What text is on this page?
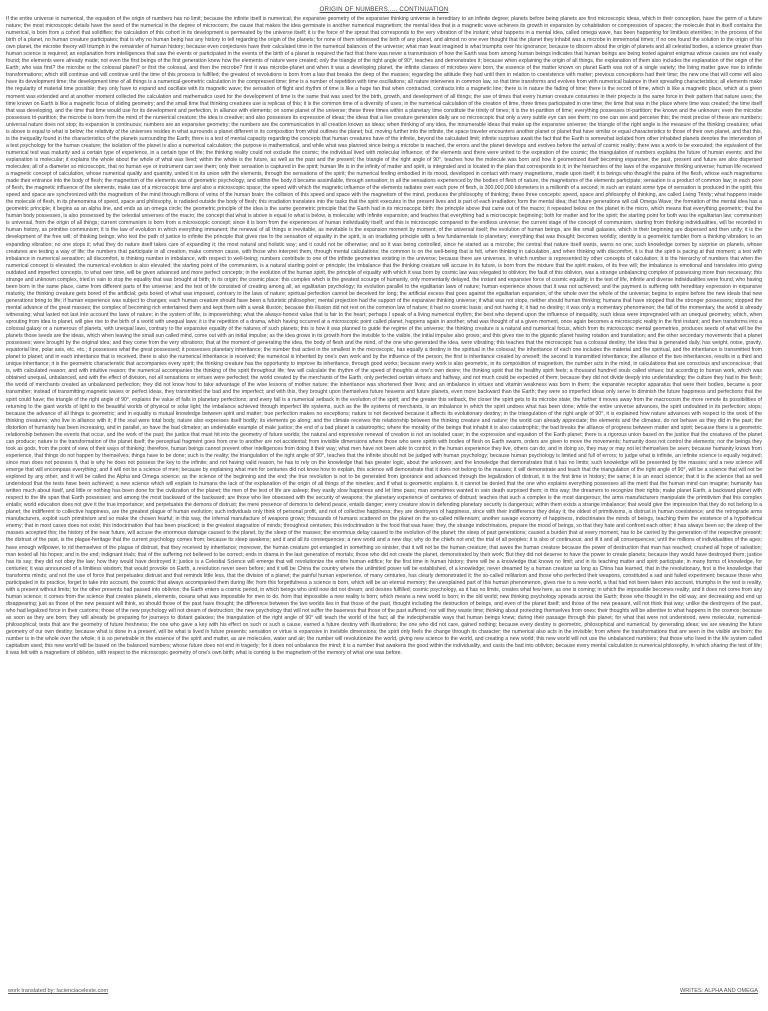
ORIGIN OF NUMBERS..... CONTINUATION
If the entire universe is numerical, the equation of the origin of numbers has no limit; because the infinite itself is numerical; the expansive geometry of the expansive thinking universe is hereditary to an infinite degree; planets before being planets are first microscopic ideas, which in their conception, have the germ of a future nature; the most microscopic details have the seed of the numerical in the degree of microcosm; the cause that makes the idea germinate is another numerical magnetism; the mental idea that is a magnetic wave achieves its growth in expansion by cohabitation or compression of spaces; the molecule that in itself contains the numerical, is born from a cohort that solidifies; the calculation of this cohort in its development is permeated by the universe itself; it is the force of the sprout that corresponds to the very vibration of the instant; what happens in a mental idea, called omega wave, has been happening for limitless eternities; in the process of the birth of a planet, no human creature participates; that is why no human being has any history to tell regarding the origin of the planets; for none of them witnessed the birth of any planet, and almost no one ever thought that the planet they inhabit was a microbe in immemorial times; if no one found the solution to the origin of his own planet, the microbe theory will triumph in the remainder of human history; because even conjectures have their calculated time in the numerical balances of the universe; what man least imagined is what triumphs over his ignorance; because to discern about the origin of planets and all celestial bodies, a science greater than human science is required; an explanation from intelligences that saw the events or participated in the events of the birth of a planet is required the fact that there was never a transmission of how the Earth was born among human beings indicates that human beings are being tested against enigmas whose causes are not easily found; the elements were already made; not even the first beings of the first generation knew how the elements of nature were created; only the triangle of the right angle of 90°, teaches and demonstrates it; because when explaining the origin of all things, the explanation of them also includes the explanation of the origin of the Earth; who was first? the microbe or the colossal planet? or first the colossal, and then the microbe? first it was microbe-planet and when it was a developing planet, the infinite classes of microbes were born, the essence of the matter known on planet Earth was not of a single variety; the living matter gave rise to infinite transformations; which still continue and will continue until the time of this process is fulfilled; the greatest of revolutions is born from a law that breaks the deep of the masses; regarding the attitude they had until then in relation to coexistence with matter; previous conceptions had their time; the new one that will come will also have its development time; the development time of all things is a numerical-geometric calculation in the compressed time; time is a number of repetition with time oscillations; all nature intervenes in common law, so that time transforms and evolves from with numerical balance in their spreading characteristics; all elements make the regularity of material time possible; they only have to expand and oscillate with its magnetic wave; the sensation of flight and rhythm of time is like a huge fan that when contracted, contracts into a magnetic line; there is in nature the fading of time; there is the record of time, which is like a magnetic place, which at a given moment was extended and at another moment collected the calculation and mathematics used for the development of time is the same that was used for the birth, growth, and development of all things; the use of times that every human creature consumes in their projects is the same force in their pattern that nature uses; the time known on Earth is like a magnetic focus of sliding geometry; and the small time that thinking creatures use is replicas of this; it is the common time of a diversity of uses; in the numerical calculation of the creation of time, three times participated in one time; the time that was in the place where time was created; the time itself that was developing, and the time that time would use for its development and perfection, in alliance with elements; on some planet of the universe; these three times within a planetary time constitute the trinity of times; it is the tri-partition of time; everything possesses tri-partition; the known and the unknown; even the microbe possesses tri-partition; the microbe is born from the mind of the numerical creature; the idea is creative; and also possesses its expression of ideas; the ideas that a live creature generates daily are so microscopic that only a very subtle eye can see them; no one can see and perceive this; the most precise of these are numbers; universal nature does not stop; its expansion is continuous; numbers are an expansive geometry; the numbers are the communication in all creation known as ideas; when thinking of any idea, the innumerable ideas that make up the expansive universe; the triangle of the right angle is the measure of the thinking creatures; what is above is equal to what is below; the relativity of the universes resides in what surrounds a planet different in its composition from what outlines the planet; but, moving further into the infinite, the space traveler encounters another planet or planet that have similar or equal characteristics to those of their own planet, and that this, is the inequality found in the characteristics of the planets surrounding the Earth; there is a test of mental capacity regarding the concepts that human creatures have of the infinite, beyond the calculated limit; infinite surprises await the fact that the Earth is somewhat isolated from other inhabited planets denotes the intervention of a test psychology for the human creature; the isolation of the planet is also a numerical calculation; the purpose is mathematical, and while what was planned since being a microbe is reached, the errors and the planet develops and evolves before the arrival of cosmic reality; there was a work to be executed; the equivalent of the numerical test was maturity and a certain type of experience, in a certain type of life; the thinking reality could not exclude the cosmic; the individual lived with molecular influence; of the elements and there were united to the expiration of the cosmic; the triangulation of numbers explains the future of human events; and the explanation is molecular; it explains the whole about the whole of what was lived; within the whole is the future, as well as the past and the present; the triangle of the right angle of 90°, teaches how the molecule was born and how it geometrized itself becoming expansive; the past, present and future are also dispersed molecules; all of a diameter so microscopic, that no human eye or instrument can see them; only their sensation is captured in the spirit; human life is in the infinity of matter and spirit, is integrated and is located in the plan that corresponds to it; in the hierarchies of the laws of the expansive thinking universe; human life received a magnetic concept of calculation, whose numerical quality and quantity, united it in its union with the elements, through the sensations of the spirit; the numerical feeling embodied in its mood, developed in contact with many magnetisms, made upon itself; it is beings who thought the pains of the flesh, whose each magnetisms made their entrance into the body of flesh; the magnetism of the elements was of geometric psychology; and within the body it became assimilable, through sensation; in all the sensations experienced by the bodies of flesh of nature, the magnetisms of the elements participate; sensation is a product of common law; in each pore of flesh, the magnetic influence of the elements, make use of a microscopic time and also a microscopic space; the speed with which the magnetic influence of the elements radiates over each pore of flesh, is 300,000,000 kilometers in a millionth of a second; in such an instant some type of sensation is produced in the spirit; this speed and space are synchronized with the magnetism of the mind through millions of veins of the human brain; the collision of this speed and space with the magnetism of the mind, produces the philosophy of thinking; these three concepts: speed, space and philosophy of thinking, are called Living Trinity; what happens inside the molecule of flesh, in its phenomena of speed, space and philosophy, is radiated outside the body of flesh; this irradiation translates into the tasks that the spirit executes in the present lives and is part of each irradiation; form the mental idea; that future generations will call Omega Wave; the formation of the mental idea has a geometric principle; it begins as an alpha line, and ends as an omega circle; the geometric principle of the idea is the same geometric principle that the Earth had in its microscopic birth; the principle above that came out of the macro; it repeated below on the planet in the micro, which means that everything geometric; that the human body possesses, is also possessed by the celestial universes of the macro; the concept that what is above is equal to what is below, is molecular with infinite expansion; and teaches that everything had a microscopic beginning; both for matter and for the spirit; the starting point for both was the egalitarian law; communism is universal, from the origin of all things; current communism is born from a microscopic concept; since it is born from the experiences of human individuality itself; and this is microscopic compared to the endless universe; the current stage of the concept of communism, starting from thinking individualities, will be recorded in human history, as primitive communism; it is the law of evolution in which everything immanent; the renewal of all things is inevitable, as inevitable is the expansion moment by moment, of the universal itself; the evolution of human beings, are like small galaxies, which in their beginning are dispersed and then unify; it is the development of the free will; of thinking beings; who test the path of justice to infinite the principle that gives rise to the sensation of equality in the spirit, is an irradiating principle with a few fundamentals to planetary; everything that was thought; becomes worldly; identity is a geometric tumbler from a thinking vibration; to an expanding vibration; no one stops it; what they do nature itself takes care of expanding it; the most natural and holistic way; and it could not be otherwise; and so it was being controlled, since he started as a microbe; the central that nature itself wants, warns no one; such knowledge comes by surprise on planets, whose creatures are testing a way of life; the numbers that participate in all creation, make common cause, with those who interpret them, through mental calculations; the common is on the well-being that is felt, when thinking in calculation, and when thinking with discomfort, it is that the spirit is pacing at that moment; a test with imbalance in numerical sensation; all discomfort, is thinking number in imbalance, with respect to well-being; numbers contribute to one of the infinite geometries existing in the universe; because there are universes, in which number is represented by other concepts of calculation; it is the hierarchy of numbers that when the numerical concept is elevated; the numerical evolution is also elevated; the starting point of the communism, is a natural starting point or principle; the imbalance that the thinking creature will accuse in its future, is born from the mixture that the spirit makes, of its free will; the imbalance is emotional and translates into giving outdated and imperfect concepts, to what over time, will be given advanced and more perfect concepts; in the evolution of the human spirit, the principle of equality with which it was born by cosmic law was relegated to oblivion; the fault of this oblivion, was a strange unbalancing complex of possessing more than necessary; this strange and unknown complex, tried in vain to stop the equality that was brought at birth; in its origin; the cosmic place: this complex which is the greatest scourge of humanity, only momentarily delayed, the instant and expansive force of cosmic equality; in the test of life, infinite and diverse individualities were found, who having been born in the same place, came from different parts of the universe; and the test of life consisted of creating among all, an egalitarian psychology; its evolution parallel to the egalitarian laws of nature; human experience shows that it was not achieved; and the payment is suffering with hereditary expression in expansive maturity, the thinking creature gets bored of the artificial; gets bored of what was imposed, contrary to the laws of nature; spiritual perfection cannot be deceived for long; the artificial excess that goes against the egalitarian expansion, of the whole over the whole of the universe; begins to expire before the new ideals that new generations bring to life; if human experience was subject to changes; each human creature should have been a futuristic philosopher; mental projection had the support of the expansive thinking universe; if what was not stops, neither should human thinking; humans that have stopped that the stronger possessors; stopped the mental advance of the great masses; the complex of becoming rich entertained them and kept them with a weak illusion; because this illusion did not rest on the common law of nature; it had no cosmic basis; and not having it; it had no destiny; it was only a momentary phenomenon; the fall of the momentary, the world is already witnessing; what lasted not last into account the laws of nature; in the system of life, is impoverishing; what the always-honest value that is fair to the heart; perhaps I speak of a living numerical rhythm; the best who depend upon the influence of inequality, such ideas were impregnated with an unequal geometry, which, when sprouting from idea to planet, will give rise to the birth of a world with unequal laws; it is the repetition of a drama, which having occurred at a microscopic point called planet, happens again in another; what was thought of at a given moment, once again becomes a microscopic reality in the first instant; and then transforms into a colossal galaxy or a numerous of planets, with unequal laws, contrary to the expansive equality of the natures of such planets; this is how it was planned to guide the regime of the universe; the thinking creature is a natural and numerical focus, which from its microscopic mental geometries, produces seeds of what will be the planets those seeds are the ideas, which when leaving the small sun called mind, come out with an initial impulse; as the idea grows in its growth from the invisible to the visible, the initial impulse also grows; and this gives rise to the gigantic planet having rotation and translation; and the other secondary movements that a planet possesses; were brought by the original idea; and they come from the very vibrations; that at the moment of generating the idea, the body of flesh and the mind, of the one who generated the idea, were vibrating; this teaches that the microscopic has a colossal destiny; the idea that is generated daily, has weight, noise, gravity, equatorial line, polar axis, etc. etc.; it possesses what the great possessed; it possesses planetary inheritance; the number that acted in the smallest in the microscopic, has equally a destiny in the spiritual in the colossal; the inheritance of each one includes the material and the spiritual, and the inheritance is transmitted from planet to planet; and in each inheritance that is received, there is also the numerical inheritance is received; the numerical is inherited by one's own work and by the influence of the person; the first is inheritance created by oneself; the second is transmitted inheritance; the alliance of the two inheritances, results in a third and unique inheritance; it is the geometric characteristic that accompanies every spirit; the thinking creature has the opportunity to improve its inheritance, through good works; because every work is also geometric, in its composition of magnetism, the number acts in the mind, in calculations that are conscious and unconscious; that is, with calculated reason; and with intuitive reason; the numerical accompanies the thinking of the spirit throughout life; few will calculate the rhythm of the speed of thoughts at one's own desire; the thinking spirit that the healthy spirit feels; a thousand hundred souls called virtues; but according to human work, which was obtained unequal, unbalanced, and with the effect of division, not all sensations or virtues were perfected; the world created by the merchants of the Earth, only perfected certain virtues and halfway, and not much could be expected of them; because they did not divide deeply into understanding; the culture they had in the flesh; the world of merchants created an unbalanced perfection; they did not know how to take advantage of the wise lessons of mother nature; the inheritance was shortened their lives; and an imbalance in virtues and vitamin weakness was born in them; the expansive receptor apparatus that were their bodies, became a poor transmitter; instead of transmitting magnetic waves or perfect ideas, they transmitted the bad and the imperfect; and with this, they brought upon themselves future heavens and future planets, even more backward than the Earth; they were so imperfect ideas only serve to diminish the future happiness and perfections that the spirit could have; the triangle of the right angle of 90°, explains the value of falls in planetary perfections; and every fall is a numerical setback in the evolution of the spirit; and the greater this setback, the closer the spirit gets to its microbe state; the further it moves away from the macrocosm the more remote its possibilities of returning to the giant worlds of light to the beautiful worlds of physical or solar light; the imbalance achieved through imperfect life systems, such as the life systems of merchants, is an imbalance in which the spirit undoes what has been done; while the entire universe advances, the spirit undoubted in its perfection; stops; because the advance of all things is geometric; and in equality is mutual knowledge between spirit and matter; true perfection makes no exceptions; nature is not deceived because it affects its evolutionary destiny; in the triangulation of the right angle of 90°, it is explained how nature advances with respect to the work of the thinking creatures; who live in alliance with it; if the soul were total body, nature also expresses itself bodily; its elements go along; and the climate receives this relationship between the thinking creature and nature; the world can already appreciate; the elements and the climates, do not behave as they did in the past; the distortion of humanity has been increasing, and in parallel, so have the bad climates; an undeniable example of male justice; the end of a bad planet is catastrophic; where the morality of the beings that inhabit it is also catastrophic; the bad breaks the alliance of progress between matter and spirit; because there is a geometric relationship between the events that occur, and the work of the past; the justice that must hit into the geometry of future worlds; the natural and expressive renewal of creation is not an isolated case; in the expression and equation of the Earth planet; there is a rigorous union based on the justice that the creatures of the planet can produce; nature is the transformation of the planet itself; the perceptual fragment goes from one to another are not accidental; from invisible dimensions where those who were spirits with bodies of flesh on Earth swarm, orders are given to move the movements; humanity does not control the elements; nor the beings they took as gods, from the point of view of their ways of thinking; therefore, human beings cannot prevent other intelligences from doing it their way; what men have not been able to control; in the human experience they live, others can do; and in doing so, they may or may not let themselves be seen; because humanity knows from experience, that things do not happen by themselves; things have to be done; such is the reality; the triangulation of the right angle of 90°, teaches that the infinite should not be judged with human psychology; because human psychology is limited and full of errors; to judge what is infinite, an infinite science is equally required; since man does not possess it, that is why he does not possess the key to the infinite; and not having valid reason, he has to rely on the knowledge that has greater logic, about the unknown; and the knowledge that demonstrates that it has no limits; such knowledge will be presented by the masses; and a new science will emerge that will encompass everything; and it will not be a science of men; because by explaining what men for centuries did not know how to explain, this science will demonstrate that it does not belong to the masses; it will demonstrate and teach that the triangulation of the right angle of 90°, will be a science that will not be explored by any other; and it will be called the Alpha and Omega science; as the science of the beginning and the end; the true revolution is not to be generated from ignorance and advanced through the legalization of distrust, it is the first time in history; the same; it is an exact science; that it is the science that as well understood that the tests have been achieved; a new science which will explain to humans the lack of the explanation of the origin of all things of the nineties; and if what is geometric explains it, it cannot be denied that the one who explains everything possesses all the merit that the human mind can imagine; humanity has written much about itself, and little or nothing has been done for the civilization of the planet; the men of the test of life are asleep; they easily slow happiness and let time pass; man sometimes wanted in vain death surprised them; in this way; the dreamers to recognize their rights; make planet Earth, a backward planet with respect to the life span that Earth possesses; and among the most backward of the backward; are those who live obsessed with the security of weapons; the planetary experience of centuries of distrust; teaches that such a complex is the most dangerous; the arms manufacturers manipulate the primitivism that this complex entails; world education does not give it the true importance; and perpetuates the demons of distrust; the mere presence of demons to defend peace, entails danger; every creature slow in defending planetary security is dangerous; within them exists a strange imbalance; that would give the impression that they do not belong to a planet; the indifferent to collective happiness, are the greatest plague of human evolution; such individuals only think of personal profit, and not of collective happiness; they are destroyers of happiness, since with their indifference they delay it; the oldest of primitivisms, is distrust in human coexistence; and the retrograde arms manufacturers, exploit such primitivism and so make the chosen fearful; in this way, the infernal manufacture of weapons grows; thousands of humans scattered on the planet on the so-called millennium; another savage economy of happiness, indoctrinates the minds of beings, teaching them the existence of a hypothetical enemy; that in most cases does not exist; this indoctrination that has been practiced; is the greatest stagnation of minds; throughout centuries; this indoctrination is the food that was have; they, the strange indoctrinators, prepare the mood of beings, so that they hate and confront each other; it has always been so; the sleep of the masses accepted this; the history of the near future, will accuse the enormous damage caused to the planet, by the sleep of the masses; the enormous delay caused to the evolution of the planet; the sleep of past generations; caused a burden that at every moment, has to be carried by the generation of the respective present; the distrust of the past, is the plague-heritage that the current psychology comes from; because its sleep awakens; and it and all its consequences; a new world and a new day; why do the chiefs not end; the trial of all peoples; it is also of continuous; and ill it and all consequences; until the millions of individualities of the ages; have enough willpower, to rid themselves of the plague of distrust, that they received by inheritance; moreover, the human creature got entangled in something so sinister, that it will not be the human creature; that saves the human creature because the power of destruction that man has reached; crushed all hope of salvation; man tested all his hopes; and in the end; indignant trials; that of the suffering not believed to be correct; ends in drama in the last generation of mortals; those who did not create the planet, demonstrated by their work; But they did not deserve to have the power to create planets; because they would have destroyed them; justice has its say; they did not obey the law; how they would have destroyed it; justice is a Celestial Science will emerge that will revolutionize the entire human edifice; for the first time in human history; there will be a knowledge that knows no limit; and in its teaching matter and spirit participate; in many forms of knowledge, for centuries; it was announced of a limitless wisdom; that would provoke on Earth, a revolution never seen before; and it will be China the country where the unlimited power will be established, of a knowledge; never dreamed by a human creature as long as China has learned, that in the revolutionary, first is the knowledge that transforms minds; and not the use of force that perpetuates distrust and that reminds little less, that the division of a planet; the painful human experience, of many centuries, has clearly demonstrated it; the so-called militarism and those who perfected their weapons, constituted a sad and failed experiment; because those who participated in its practice, forget to take into account, the cosmic that always accompanied them during life; from this forgetfulness a science is born, which will be an eternal memory; the unexplained part of this human phenomenon, gives rise to a new world, a that had not been taken into account, triumphs in the rest is reality, with a present without limits; for the other presents had passed into oblivion; the Earth enters a cosmic period, in which beings who until now did not dream; and desires fulfilled; cosmic psychology, as it has no limits, creates what few here, as one is coming; in which the impossible becomes reality; and it does not come from any human science; it comes from the science that creates planets, elements, oceans what was impossible for men to do, from that impossible a new reality is born; which means a new world is born; in the old world; new thinking psychology spreads across the Earth; those who thought in the old way, are decreasing and end up disappearing; just as those of the new peasant will think, so should those of the past have thought; the difference between the two worlds lies in that those of the past, thought including the destruction of beings, and even of the planet itself; and those of the new peasant, will not think that way; unlike the destroyers of the past, who had legalized force in their customs; those of the new psychology will not dream of destruction; the new psychology that will not suffer the baseness that those of the past suffered; nor will they waste time; thinking about protecting themselves from ones; their thoughts will be attentive to what happens in the cosmos; because as soon as they are born; they will already be preparing for journeys to distant galaxies; the triangulation of the right angle of 90° will teach the world of the fact; all the indecipherable ways that human beings knew; during their passage through this planet; for what that were not understood, were molecular, numerical-philosophical; tests that are the geometry of future freshness; the one who gave a key with his effect on such or such a cause, earned a future destiny with illustrations; the one who did not care, gained nothing; because every destiny is geometric, philosophical and numerical; by generating ideas; we are weaving the future geometry of our own destiny; because what is done in a present, will be what is lived in future presents; sensation or virtue is expansive in invisible dimensions; the spirit only feels the change through its character; the numerical also acts in the invisible; from where the transformations that are seen in the visible are born; the number is in the whole over the whole; it is so penetrable in the essence of the spirit and matter, as are molecules, water and air; the number will revolutionize the world, giving new science to the world, and creating a new world; this new world will not use the unbalanced numbers; that those who lived in the life system called capitalism used; this new world will be based on the balanced numbers; whose future does not end in tragedy; for it does not unbalance the mind; it is a number that awakens the good within the individuality, and casts the bad into oblivion; because every mental calculation is numerical philosophy, in which sharing the test of life; it was felt with a magnetism of oblivion, with respect to the microscopic geometry of one's own birth; what is coming is the magnetism of the memory of what one was before.
work translated by: lacienciaceleste.com	WRITES: ALPHA AND OMEGA
